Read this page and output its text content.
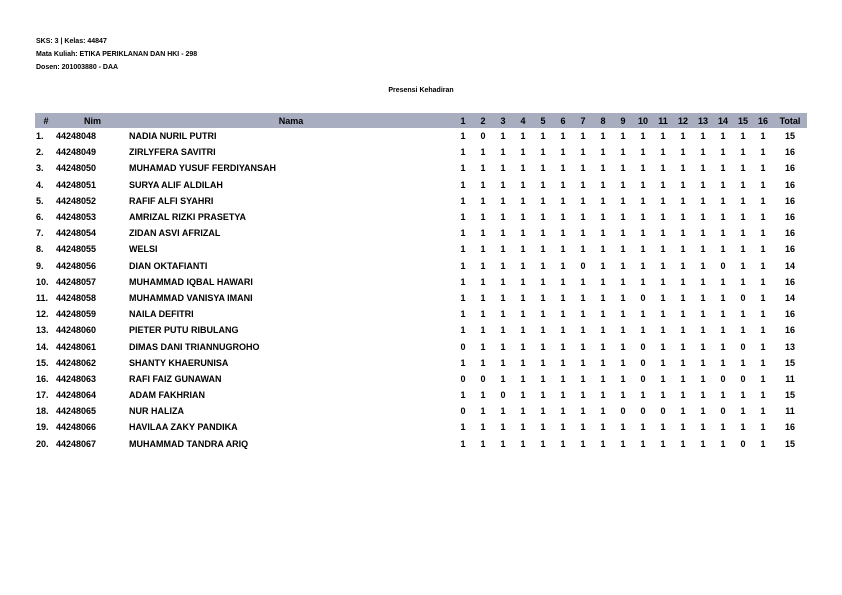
SKS: 3 | Kelas: 44847
Mata Kuliah: ETIKA PERIKLANAN DAN HKI - 298
Dosen: 201003880 - DAA
Presensi Kehadiran
#	Nim	Nama	1	2	3	4	5	6	7	8	9	10	11	12	13	14	15	16	Total
1.	44248048	NADIA NURIL PUTRI	1	0	1	1	1	1	1	1	1	1	1	1	1	1	1	1	15
2.	44248049	ZIRLYFERA SAVITRI	1	1	1	1	1	1	1	1	1	1	1	1	1	1	1	1	16
3.	44248050	MUHAMAD YUSUF FERDIYANSAH	1	1	1	1	1	1	1	1	1	1	1	1	1	1	1	1	16
4.	44248051	SURYA ALIF ALDILAH	1	1	1	1	1	1	1	1	1	1	1	1	1	1	1	1	16
5.	44248052	RAFIF ALFI SYAHRI	1	1	1	1	1	1	1	1	1	1	1	1	1	1	1	1	16
6.	44248053	AMRIZAL RIZKI PRASETYA	1	1	1	1	1	1	1	1	1	1	1	1	1	1	1	1	16
7.	44248054	ZIDAN ASVI AFRIZAL	1	1	1	1	1	1	1	1	1	1	1	1	1	1	1	1	16
8.	44248055	WELSI	1	1	1	1	1	1	1	1	1	1	1	1	1	1	1	1	16
9.	44248056	DIAN OKTAFIANTI	1	1	1	1	1	1	0	1	1	1	1	1	1	0	1	1	14
10.	44248057	MUHAMMAD IQBAL HAWARI	1	1	1	1	1	1	1	1	1	1	1	1	1	1	1	1	16
11.	44248058	MUHAMMAD VANISYA IMANI	1	1	1	1	1	1	1	1	1	0	1	1	1	1	0	1	14
12.	44248059	NAILA DEFITRI	1	1	1	1	1	1	1	1	1	1	1	1	1	1	1	1	16
13.	44248060	PIETER PUTU RIBULANG	1	1	1	1	1	1	1	1	1	1	1	1	1	1	1	1	16
14.	44248061	DIMAS DANI TRIANNUGROHO	0	1	1	1	1	1	1	1	1	0	1	1	1	1	0	1	13
15.	44248062	SHANTY KHAERUNISA	1	1	1	1	1	1	1	1	1	0	1	1	1	1	1	1	15
16.	44248063	RAFI FAIZ GUNAWAN	0	0	1	1	1	1	1	1	1	0	1	1	1	0	0	1	11
17.	44248064	ADAM FAKHRIAN	1	1	0	1	1	1	1	1	1	1	1	1	1	1	1	1	15
18.	44248065	NUR HALIZA	0	1	1	1	1	1	1	1	0	0	0	1	1	0	1	1	11
19.	44248066	HAVILAA ZAKY PANDIKA	1	1	1	1	1	1	1	1	1	1	1	1	1	1	1	1	16
20.	44248067	MUHAMMAD TANDRA ARIQ	1	1	1	1	1	1	1	1	1	1	1	1	1	1	0	1	15
